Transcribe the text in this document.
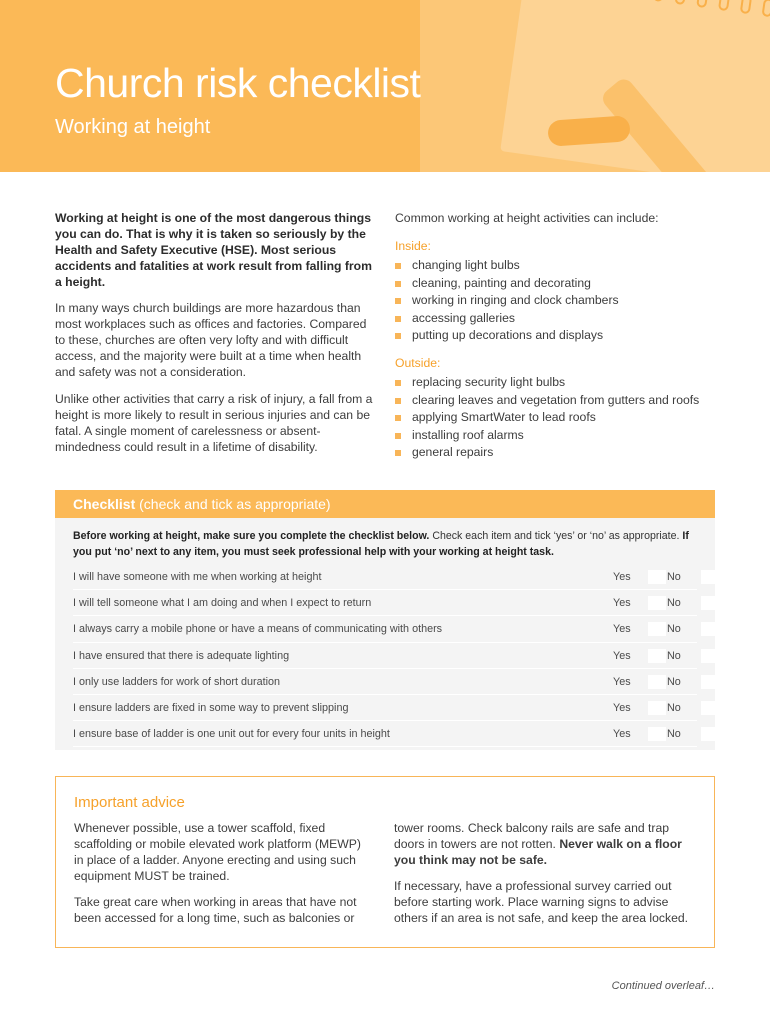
Church risk checklist
Working at height

Working at height is one of the most dangerous things you can do. That is why it is taken so seriously by the Health and Safety Executive (HSE). Most serious accidents and fatalities at work result from falling from a height.

In many ways church buildings are more hazardous than most workplaces such as offices and factories. Compared to these, churches are often very lofty and with difficult access, and the majority were built at a time when health and safety was not a consideration.

Unlike other activities that carry a risk of injury, a fall from a height is more likely to result in serious injuries and can be fatal. A single moment of carelessness or absent-mindedness could result in a lifetime of disability.

Common working at height activities can include:
Inside:
changing light bulbs
cleaning, painting and decorating
working in ringing and clock chambers
accessing galleries
putting up decorations and displays
Outside:
replacing security light bulbs
clearing leaves and vegetation from gutters and roofs
applying SmartWater to lead roofs
installing roof alarms
general repairs
Checklist (check and tick as appropriate)
Before working at height, make sure you complete the checklist below. Check each item and tick ‘yes’ or ‘no’ as appropriate. If you put ‘no’ next to any item, you must seek professional help with your working at height task.
I will have someone with me when working at height	Yes	No
I will tell someone what I am doing and when I expect to return	Yes	No
I always carry a mobile phone or have a means of communicating with others	Yes	No
I have ensured that there is adequate lighting	Yes	No
I only use ladders for work of short duration	Yes	No
I ensure ladders are fixed in some way to prevent slipping	Yes	No
I ensure base of ladder is one unit out for every four units in height	Yes	No
Important advice

Whenever possible, use a tower scaffold, fixed scaffolding or mobile elevated work platform (MEWP) in place of a ladder. Anyone erecting and using such equipment MUST be trained.

Take great care when working in areas that have not been accessed for a long time, such as balconies or

tower rooms. Check balcony rails are safe and trap doors in towers are not rotten. Never walk on a floor you think may not be safe.

If necessary, have a professional survey carried out before starting work. Place warning signs to advise others if an area is not safe, and keep the area locked.

Continued overleaf…
